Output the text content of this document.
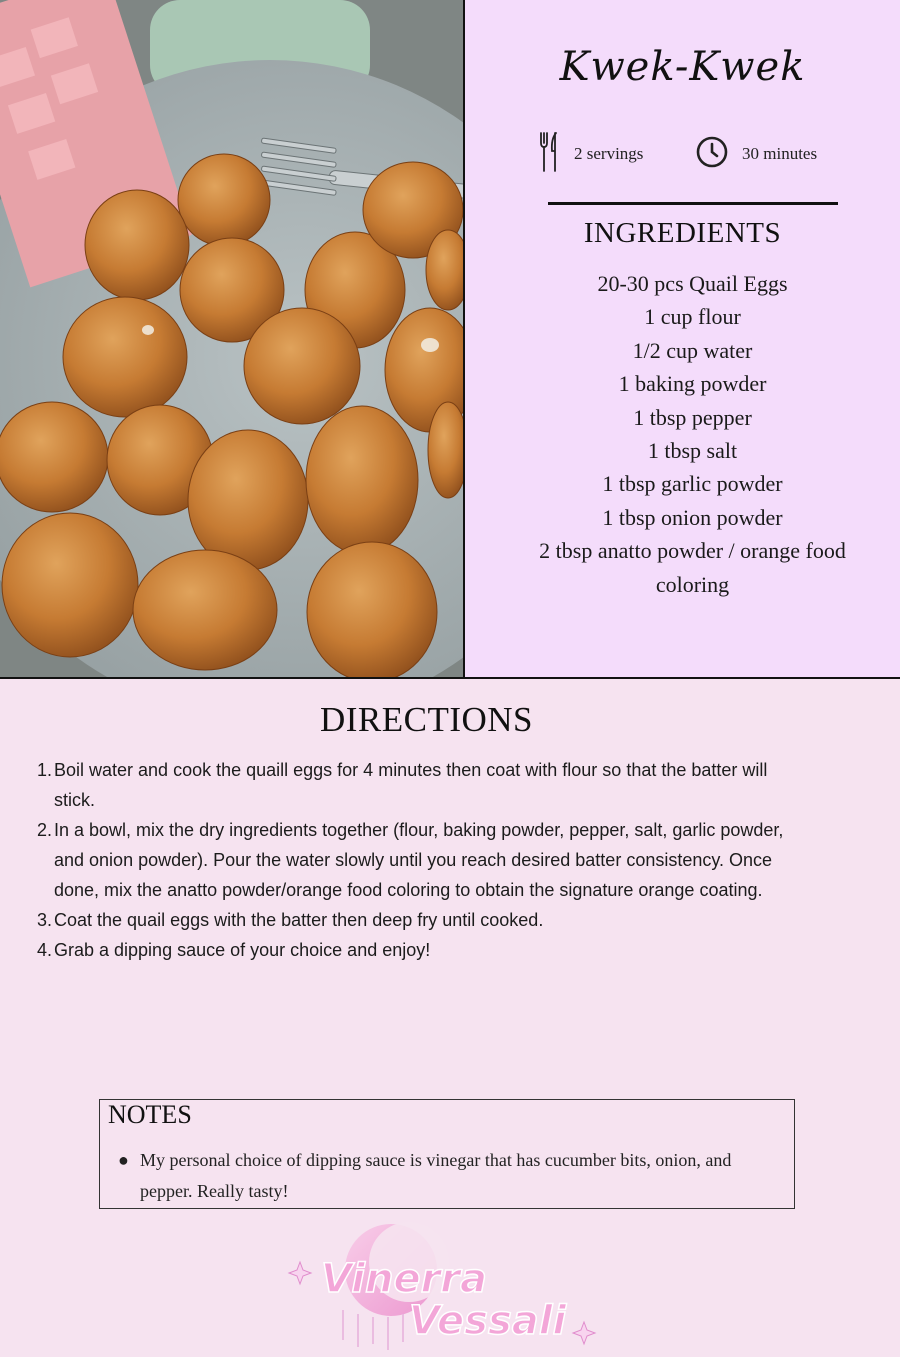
Kwek-Kwek
2 servings	30 minutes
INGREDIENTS
20-30 pcs Quail Eggs
1 cup flour
1/2 cup water
1 baking powder
1 tbsp pepper
1 tbsp salt
1 tbsp garlic powder
1 tbsp onion powder
2 tbsp anatto powder / orange food
coloring
DIRECTIONS
1. Boil water and cook the quaill eggs for 4 minutes then coat with flour so that the batter will
stick.
2. In a bowl, mix the dry ingredients together (flour, baking powder, pepper, salt, garlic powder,
and onion powder). Pour the water slowly until you reach desired batter consistency. Once
done, mix the anatto powder/orange food coloring to obtain the signature orange coating.
3. Coat the quail eggs with the batter then deep fry until cooked.
4. Grab a dipping sauce of your choice and enjoy!
NOTES
● My personal choice of dipping sauce is vinegar that has cucumber bits, onion, and
pepper. Really tasty!
Vinerra
Vessali
